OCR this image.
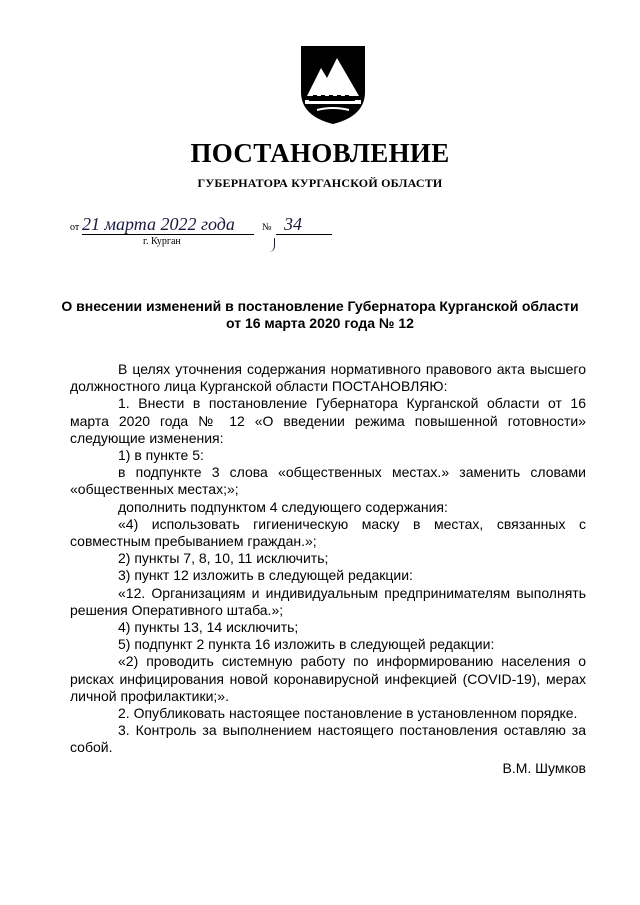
ПОСТАНОВЛЕНИЕ
ГУБЕРНАТОРА КУРГАНСКОЙ ОБЛАСТИ
от 21 марта 2022 года	№ 34
г. Курган
О внесении изменений в постановление Губернатора Курганской области
от 16 марта 2020 года № 12

В целях уточнения содержания нормативного правового акта высшего должностного лица Курганской области ПОСТАНОВЛЯЮ:

1. Внести в постановление Губернатора Курганской области от 16 марта 2020 года № 12 «О введении режима повышенной готовности» следующие изменения:

1) в пункте 5:

в подпункте 3 слова «общественных местах.» заменить словами «общественных местах;»;

дополнить подпунктом 4 следующего содержания:

«4) использовать гигиеническую маску в местах, связанных с совместным пребыванием граждан.»;

2) пункты 7, 8, 10, 11 исключить;

3) пункт 12 изложить в следующей редакции:

«12. Организациям и индивидуальным предпринимателям выполнять решения Оперативного штаба.»;

4) пункты 13, 14 исключить;

5) подпункт 2 пункта 16 изложить в следующей редакции:

«2) проводить системную работу по информированию населения о рисках инфицирования новой коронавирусной инфекцией (COVID-19), мерах личной профилактики;».

2. Опубликовать настоящее постановление в установленном порядке.

3. Контроль за выполнением настоящего постановления оставляю за собой.

В.М. Шумков
